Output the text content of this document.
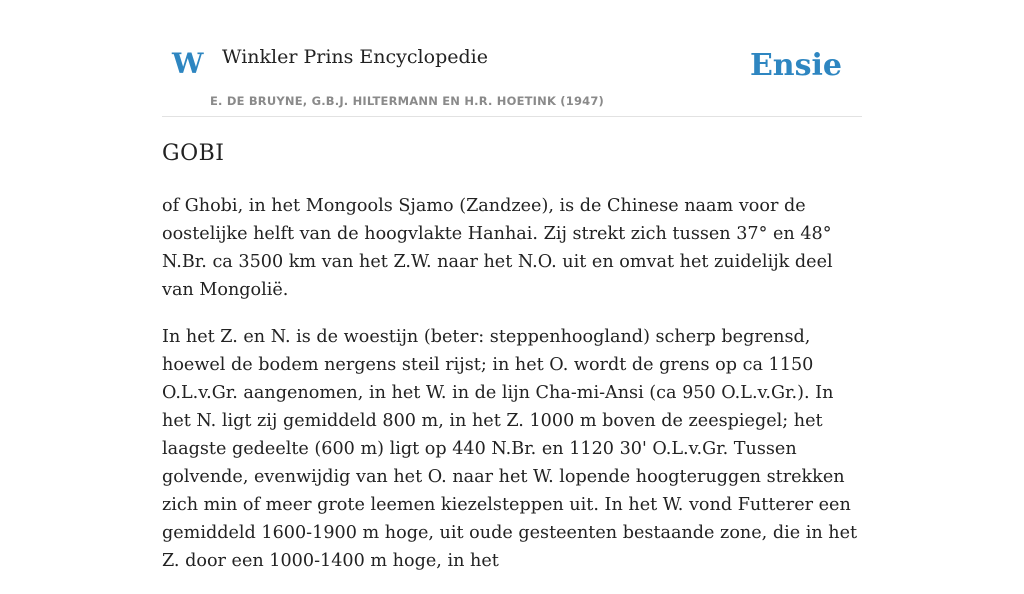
W Winkler Prins Encyclopedie
E. DE BRUYNE, G.B.J. HILTERMANN EN H.R. HOETINK (1947)
Ensie
GOBI

of Ghobi, in het Mongools Sjamo (Zandzee), is de Chinese naam voor de oostelijke helft van de hoogvlakte Hanhai. Zij strekt zich tussen 37° en 48° N.Br. ca 3500 km van het Z.W. naar het N.O. uit en omvat het zuidelijk deel van Mongolië.

In het Z. en N. is de woestijn (beter: steppenhoogland) scherp begrensd, hoewel de bodem nergens steil rijst; in het O. wordt de grens op ca 1150 O.L.v.Gr. aangenomen, in het W. in de lijn Cha-mi-Ansi (ca 950 O.L.v.Gr.). In het N. ligt zij gemiddeld 800 m, in het Z. 1000 m boven de zeespiegel; het laagste gedeelte (600 m) ligt op 440 N.Br. en 1120 30' O.L.v.Gr. Tussen golvende, evenwijdig van het O. naar het W. lopende hoogteruggen strekken zich min of meer grote leemen kiezelsteppen uit. In het W. vond Futterer een gemiddeld 1600-1900 m hoge, uit oude gesteenten bestaande zone, die in het Z. door een 1000-1400 m hoge, in het
